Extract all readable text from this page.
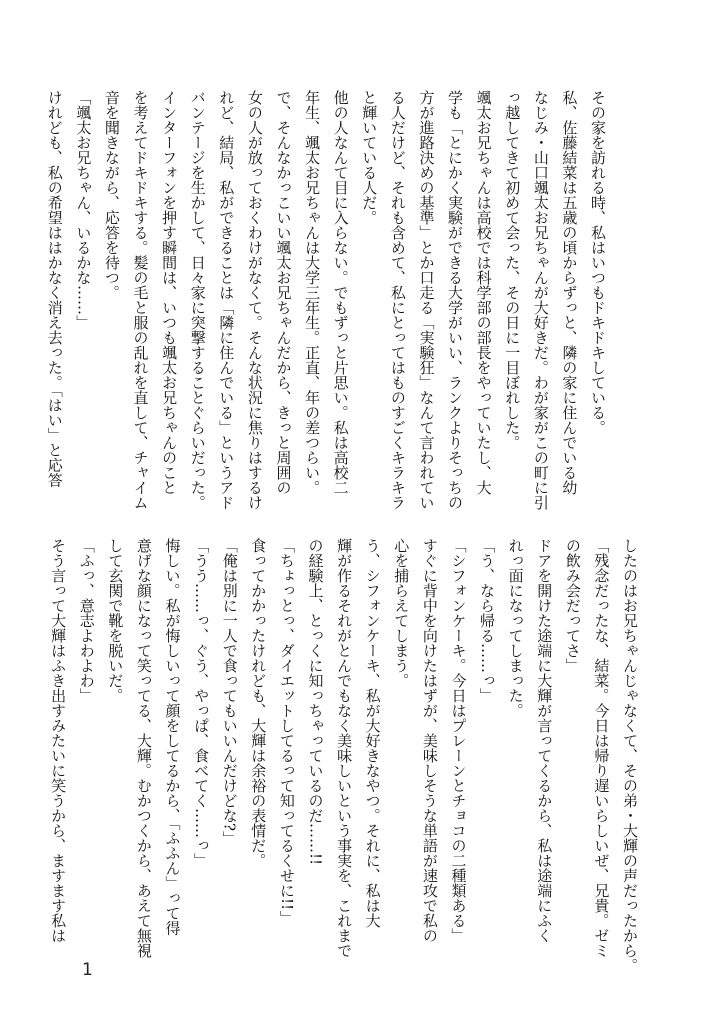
その家を訪れる時、私はいつもドキドキしている。

私、佐藤結菜は五歳の頃からずっと、隣の家に住んでいる幼

なじみ・山口颯太お兄ちゃんが大好きだ。わが家がこの町に引

っ越してきて初めて会った、その日に一目ぼれした。

颯太お兄ちゃんは高校では科学部の部長をやっていたし、大

学も「とにかく実験ができる大学がいい、ランクよりそっちの

方が進路決めの基準」とか口走る「実験狂」なんて言われてい

る人だけど、それも含めて、私にとってはものすごくキラキラ

と輝いている人だ。

他の人なんて目に入らない。でもずっと片思い。私は高校二

年生、颯太お兄ちゃんは大学三年生。正直、年の差つらい。

で、そんなかっこいい颯太お兄ちゃんだから、きっと周囲の

女の人が放っておくわけがなくて。そんな状況に焦りはするけ

れど、結局、私ができることは「隣に住んでいる」というアド

バンテージを生かして、日々家に突撃することぐらいだった。

インターフォンを押す瞬間は、いつも颯太お兄ちゃんのこと

を考えてドキドキする。髪の毛と服の乱れを直して、チャイム

音を聞きながら、応答を待つ。

「颯太お兄ちゃん、いるかな……」

けれども、私の希望ははかなく消え去った。「はい」と応答

したのはお兄ちゃんじゃなくて、その弟・大輝の声だったから。

「残念だったな、結菜。今日は帰り遅いらしいぜ、兄貴。ゼミ

の飲み会だってさ」

ドアを開けた途端に大輝が言ってくるから、私は途端にふく

れっ面になってしまった。

「う、なら帰る……っ」

「シフォンケーキ。今日はプレーンとチョコの二種類ある」

すぐに背中を向けたはずが、美味しそうな単語が速攻で私の

心を捕らえてしまう。

う、シフォンケーキ、私が大好きなやつ。それに、私は大

輝が作るそれがとんでもなく美味しいという事実を、これまで

の経験上、とっくに知っちゃっているのだ……!!

「ちょっとっ、ダイエットしてるって知ってるくせに!!」

食ってかかったけれども、大輝は余裕の表情だ。

「俺は別に一人で食ってもいいんだけどな?」

「うう……っ、ぐう、やっぱ、食べてく……っ」

悔しい。私が悔しいって顔をしてるから、「ふふん」って得

意げな顔になって笑ってる、大輝。むかつくから、あえて無視

して玄関で靴を脱いだ。

「ふっ、意志よわよわ」

そう言って大輝はふき出すみたいに笑うから、ますます私は

1
